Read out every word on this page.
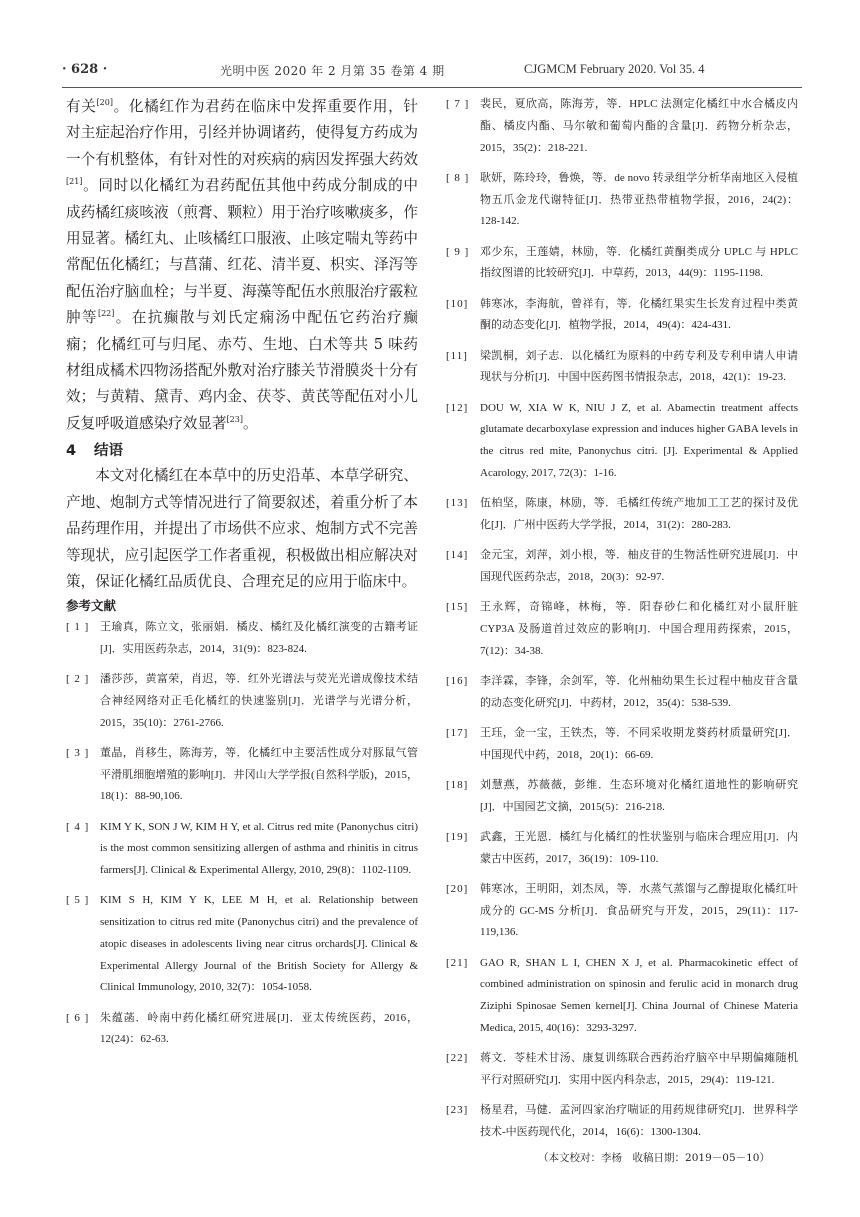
· 628 ·	光明中医 2020 年 2 月第 35 卷第 4 期	CJGMCM February 2020. Vol 35. 4

有关[20]。化橘红作为君药在临床中发挥重要作用，针对主症起治疗作用，引经并协调诸药，使得复方药成为一个有机整体，有针对性的对疾病的病因发挥强大药效[21]。同时以化橘红为君药配伍其他中药成分制成的中成药橘红痰咳液（煎膏、颗粒）用于治疗咳嗽痰多，作用显著。橘红丸、止咳橘红口服液、止咳定喘丸等药中常配伍化橘红；与菖蒲、红花、清半夏、枳实、泽泻等配伍治疗脑血栓；与半夏、海藻等配伍水煎服治疗霰粒肿等[22]。在抗癫散与刘氏定痫汤中配伍它药治疗癫痫；化橘红可与归尾、赤芍、生地、白术等共 5 味药材组成橘术四物汤搭配外敷对治疗膝关节滑膜炎十分有效；与黄精、黛青、鸡内金、茯苓、黄芪等配伍对小儿反复呼吸道感染疗效显著[23]。

4 结语

本文对化橘红在本草中的历史沿革、本草学研究、产地、炮制方式等情况进行了简要叙述，着重分析了本品药理作用，并提出了市场供不应求、炮制方式不完善等现状，应引起医学工作者重视，积极做出相应解决对策，保证化橘红品质优良、合理充足的应用于临床中。

参考文献
[ 1 ] 王瑜真，陈立文，张丽娟．橘皮、橘红及化橘红演变的古籍考证[J]．实用医药杂志，2014，31(9)：823-824.
[ 2 ] 潘莎莎，黄富荣，肖迟，等．红外光谱法与荧光光谱成像技术结合神经网络对正毛化橘红的快速鉴别[J]．光谱学与光谱分析，2015，35(10)：2761-2766.
[ 3 ] 董晶，肖移生，陈海芳，等．化橘红中主要活性成分对豚鼠气管平滑肌细胞增殖的影响[J]．井冈山大学学报(自然科学版)，2015，18(1)：88-90,106.
[ 4 ] KIM Y K, SON J W, KIM H Y, et al. Citrus red mite (Panonychus citri) is the most common sensitizing allergen of asthma and rhinitis in citrus farmers[J]. Clinical & Experimental Allergy, 2010, 29(8)：1102-1109.
[ 5 ] KIM S H, KIM Y K, LEE M H, et al. Relationship between sensitization to citrus red mite (Panonychus citri) and the prevalence of atopic diseases in adolescents living near citrus orchards[J]. Clinical & Experimental Allergy Journal of the British Society for Allergy & Clinical Immunology, 2010, 32(7)：1054-1058.
[ 6 ] 朱蕴菡．岭南中药化橘红研究进展[J]．亚太传统医药，2016，12(24)：62-63.
[ 7 ] 裴民，夏欣高，陈海芳，等．HPLC 法测定化橘红中水合橘皮内酯、橘皮内酯、马尔敏和葡萄内酯的含量[J]．药物分析杂志，2015，35(2)：218-221.
[ 8 ] 耿妍，陈玲玲，鲁焕，等．de novo 转录组学分析华南地区入侵植物五爪金龙代谢特征[J]．热带亚热带植物学报，2016，24(2)：128-142.
[ 9 ] 邓少东，王莲婧，林励，等．化橘红黄酮类成分 UPLC 与 HPLC 指纹图谱的比较研究[J]．中草药，2013，44(9)：1195-1198.
[10]	韩寒冰，李海航，曾祥有，等．化橘红果实生长发育过程中类黄酮的动态变化[J]．植物学报，2014，49(4)：424-431.
[11]	梁凯桐，刘子志．以化橘红为原料的中药专利及专利申请人申请现状与分析[J]．中国中医药图书情报杂志，2018，42(1)：19-23.
[12]	DOU W, XIA W K, NIU J Z, et al. Abamectin treatment affects glutamate decarboxylase expression and induces higher GABA levels in the citrus red mite, Panonychus citri. [J]. Experimental & Applied Acarology, 2017, 72(3)：1-16.
[13]	伍柏坚，陈康，林励，等．毛橘红传统产地加工工艺的探讨及优化[J]．广州中医药大学学报，2014，31(2)：280-283.
[14]	金元宝，刘萍，刘小根，等．柚皮苷的生物活性研究进展[J]．中国现代医药杂志，2018，20(3)：92-97.
[15]	王永辉，奇锦峰，林梅，等．阳春砂仁和化橘红对小鼠肝脏 CYP3A 及肠道首过效应的影响[J]．中国合理用药探索，2015，7(12)：34-38.
[16]	李洋霖，李锋，余剑军，等．化州柚幼果生长过程中柚皮苷含量的动态变化研究[J]．中药材，2012，35(4)：538-539.
[17]	王珏，金一宝，王铁杰，等．不同采收期龙葵药材质量研究[J]．中国现代中药，2018，20(1)：66-69.
[18]	刘慧燕，苏薇薇，彭维．生态环境对化橘红道地性的影响研究[J]．中国园艺文摘，2015(5)：216-218.
[19]	武鑫，王光恩．橘红与化橘红的性状鉴别与临床合理应用[J]．内蒙古中医药，2017，36(19)：109-110.
[20]	韩寒冰，王明阳，刘杰凤，等．水蒸气蒸馏与乙醇提取化橘红叶成分的 GC-MS 分析[J]．食品研究与开发，2015，29(11)：117-119,136.
[21]	GAO R, SHAN L I, CHEN X J, et al. Pharmacokinetic effect of combined administration on spinosin and ferulic acid in monarch drug Ziziphi Spinosae Semen kernel[J]. China Journal of Chinese Materia Medica, 2015, 40(16)：3293-3297.
[22]	蒋文．苓桂术甘汤、康复训练联合西药治疗脑卒中早期偏瘫随机平行对照研究[J]．实用中医内科杂志，2015，29(4)：119-121.
[23]	杨星君，马健．孟河四家治疗喘证的用药规律研究[J]．世界科学技术-中医药现代化，2014，16(6)：1300-1304.
（本文校对：李杨　收稿日期：2019－05－10）
